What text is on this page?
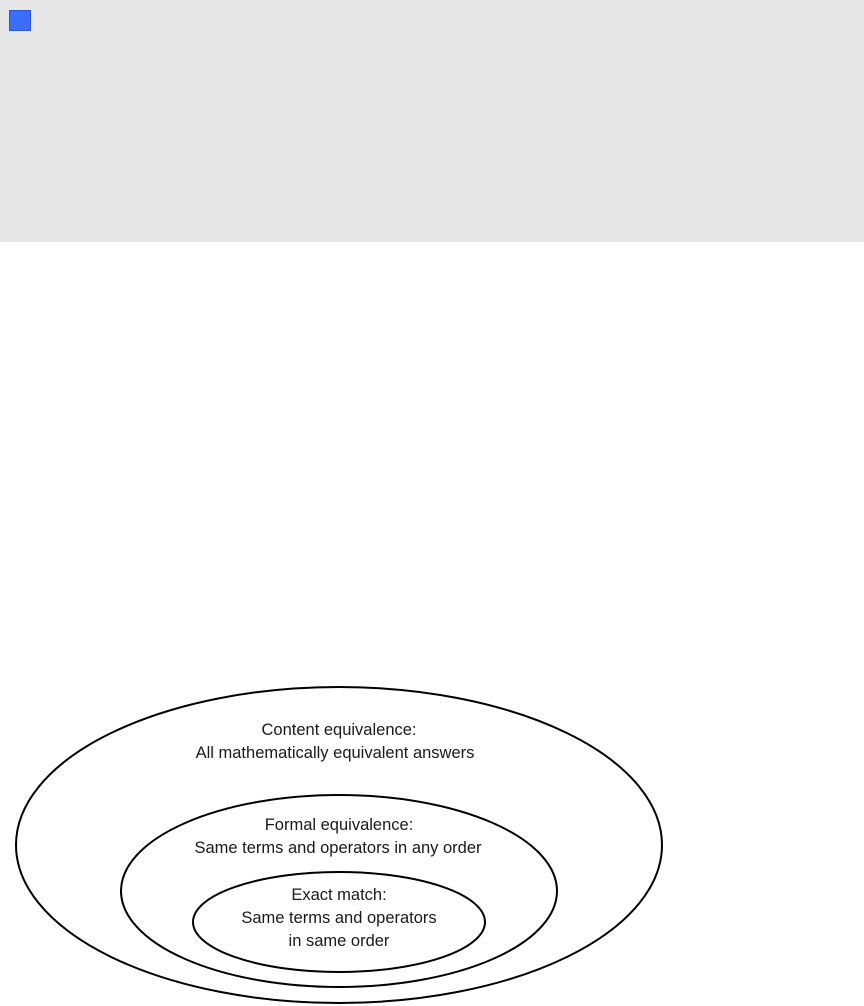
Content equivalence:
All mathematically equivalent answers
Formal equivalence:
Same terms and operators in any order
Exact match:
Same terms and operators
in same order
